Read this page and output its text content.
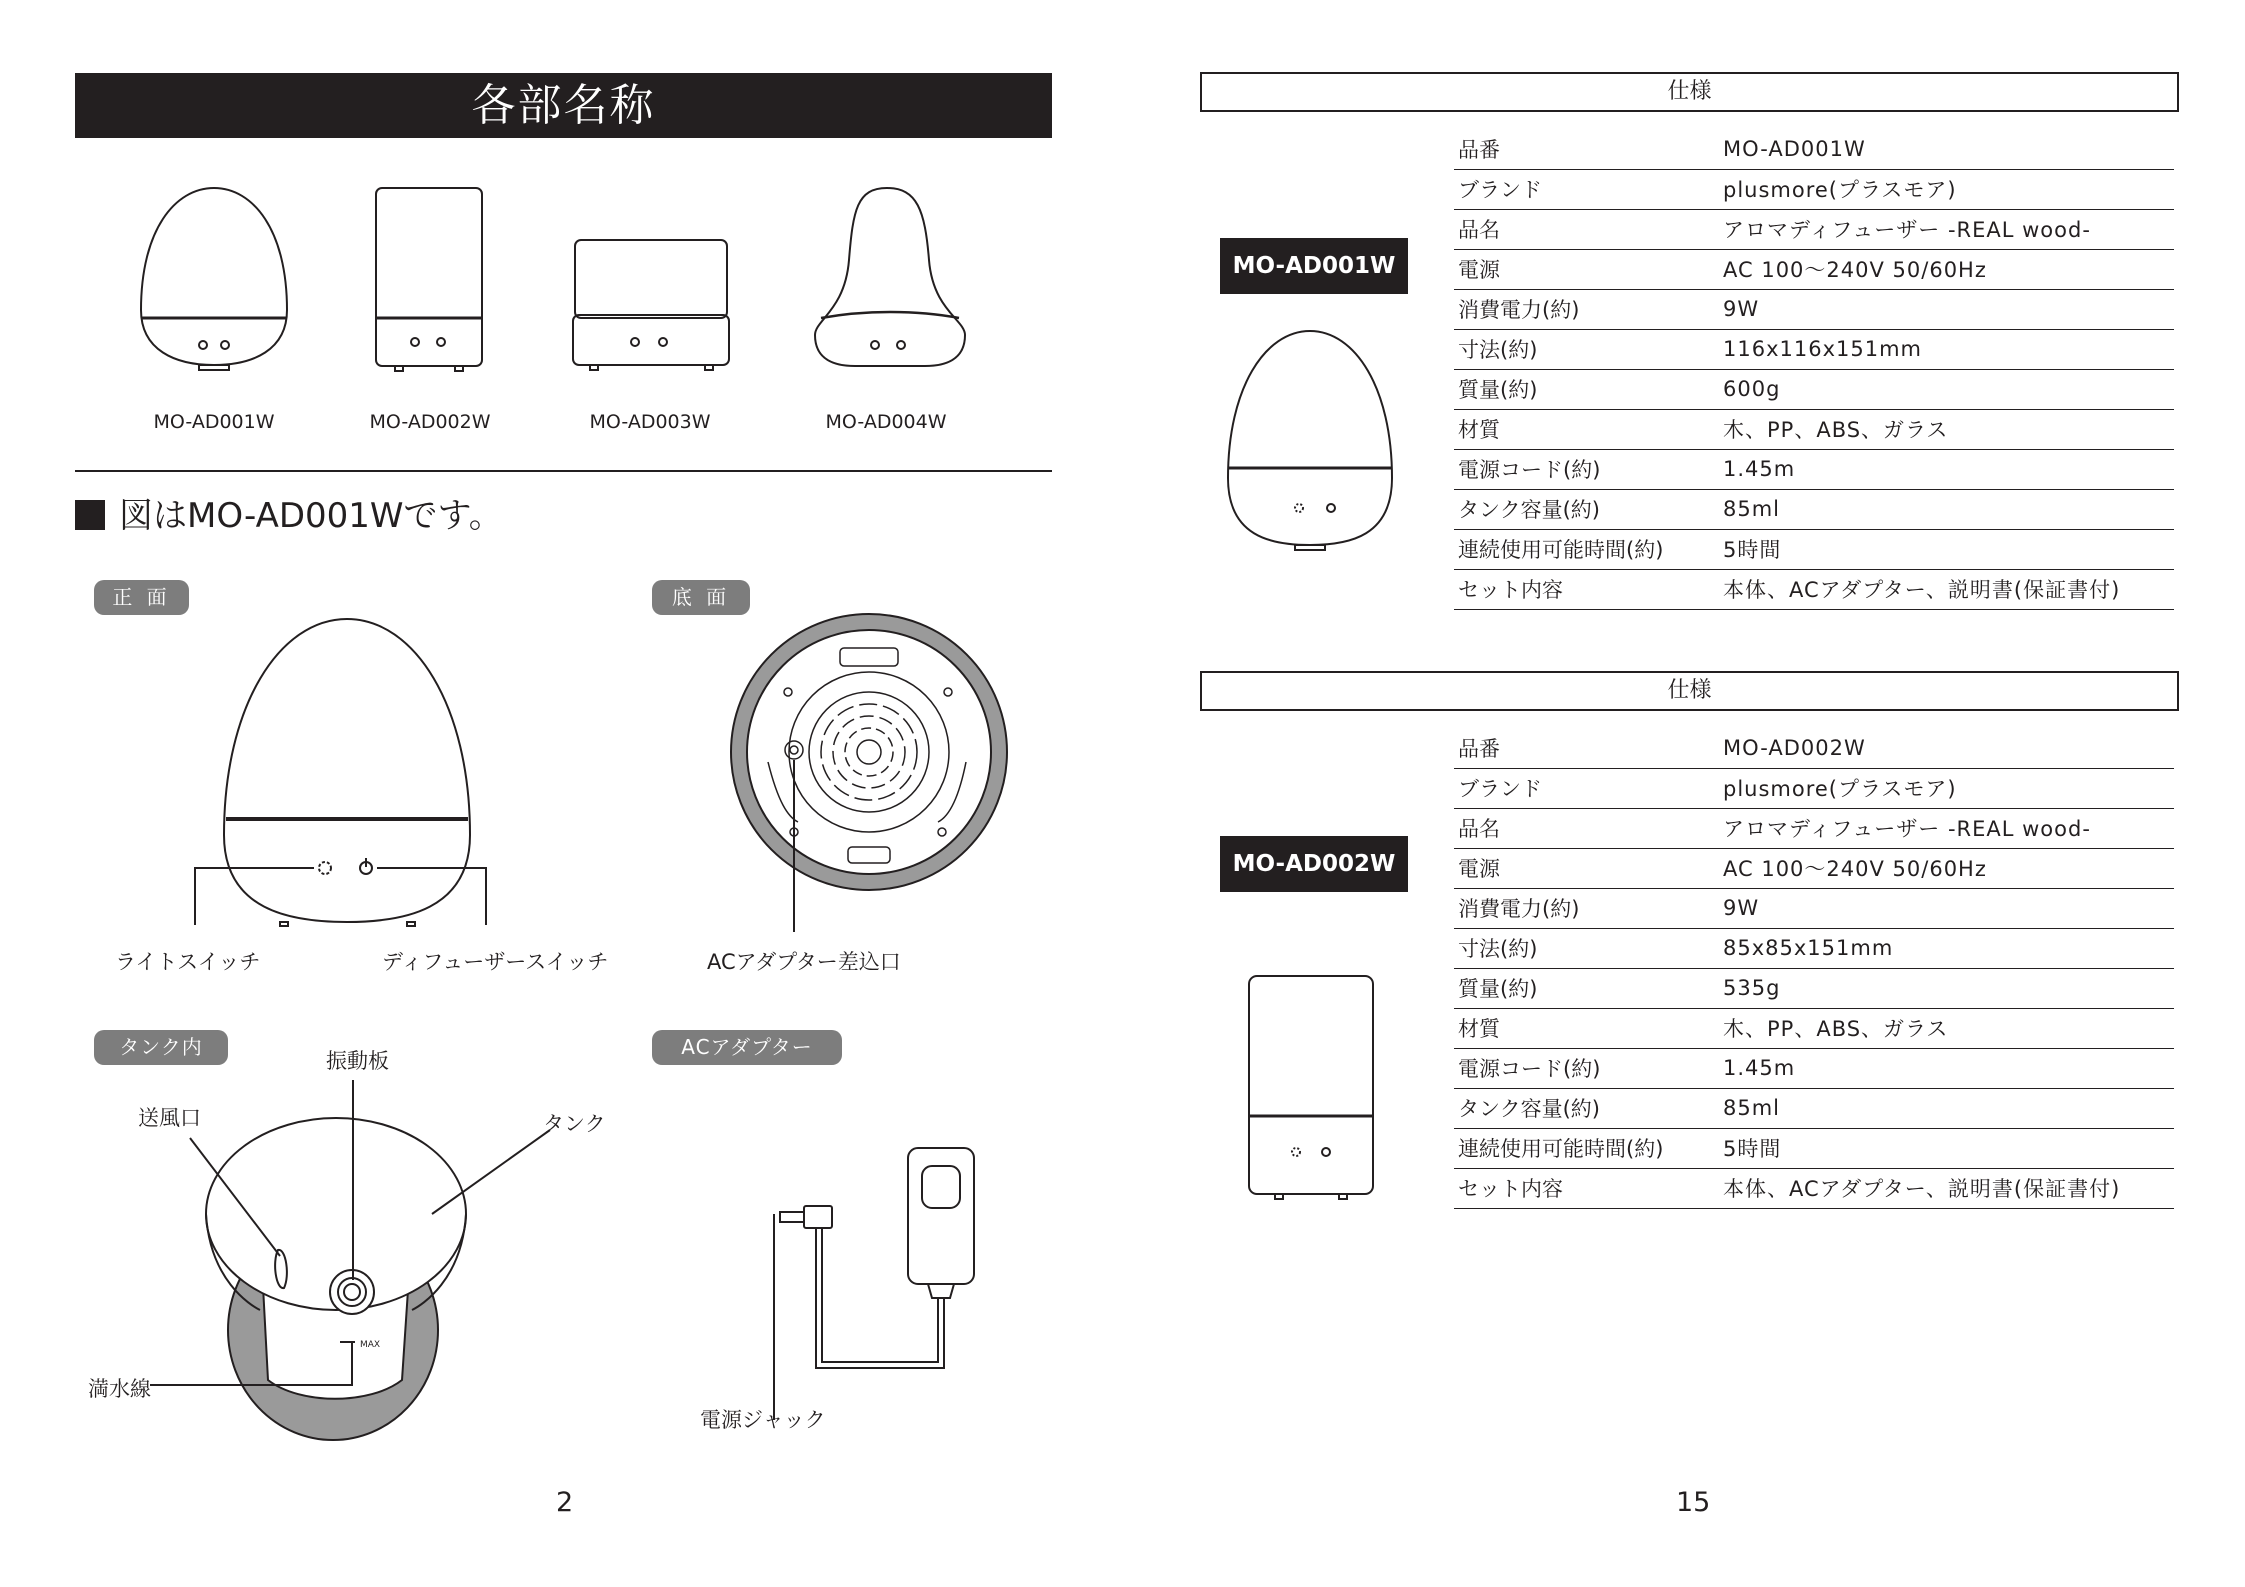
各部名称
MO-AD001W	MO-AD002W	MO-AD003W	MO-AD004W
図はMO-AD001Wです。
正 面	底 面
タンク内	ACアダプター
ライトスイッチ	ディフューザースイッチ	ACアダプター差込口
MAX
振動板
送風口	タンク
満水線
電源ジャック
2
仕様
MO-AD001W
品番	MO-AD001W
ブランド	plusmore(プラスモア)
品名	アロマディフューザー -REAL wood-
電源	AC 100〜240V 50/60Hz
消費電力(約)	9W
寸法(約)	116x116x151mm
質量(約)	600g
材質	木、PP、ABS、ガラス
電源コード(約)	1.45m
タンク容量(約)	85ml
連続使用可能時間(約)	5時間
セット内容	本体、ACアダプター、説明書(保証書付)
仕様
MO-AD002W
品番	MO-AD002W
ブランド	plusmore(プラスモア)
品名	アロマディフューザー -REAL wood-
電源	AC 100〜240V 50/60Hz
消費電力(約)	9W
寸法(約)	85x85x151mm
質量(約)	535g
材質	木、PP、ABS、ガラス
電源コード(約)	1.45m
タンク容量(約)	85ml
連続使用可能時間(約)	5時間
セット内容	本体、ACアダプター、説明書(保証書付)
15
